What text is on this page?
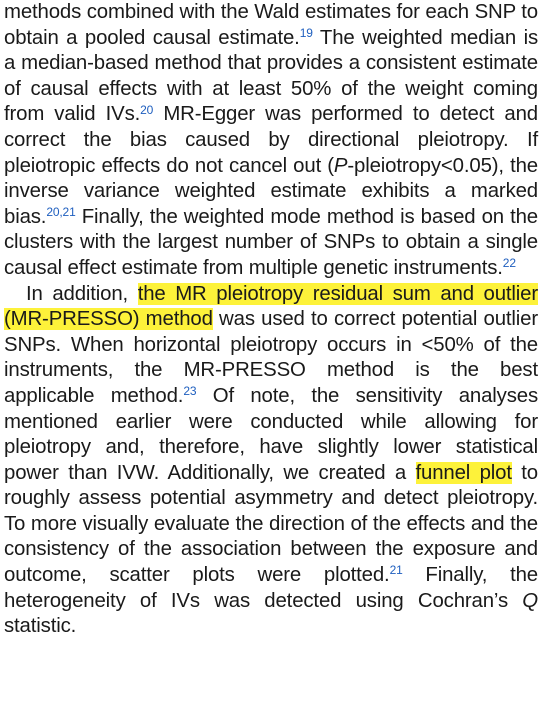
methods combined with the Wald estimates for each SNP to obtain a pooled causal estimate.$^{19}$ The weighted median is a median-based method that provides a consistent estimate of causal effects with at least 50% of the weight coming from valid IVs.$^{20}$ MR-Egger was performed to detect and correct the bias caused by directional pleiotropy. If pleiotropic effects do not cancel out (P-pleiotropy<0.05), the inverse variance weighted estimate exhibits a marked bias.$^{20,21}$ Finally, the weighted mode method is based on the clusters with the largest number of SNPs to obtain a single causal effect estimate from multiple genetic instruments.$^{22}$

In addition, the MR pleiotropy residual sum and outlier (MR-PRESSO) method was used to correct potential outlier SNPs. When horizontal pleiotropy occurs in <50% of the instruments, the MR-PRESSO method is the best applicable method.$^{23}$ Of note, the sensitivity analyses mentioned earlier were conducted while allowing for pleiotropy and, therefore, have slightly lower statistical power than IVW. Additionally, we created a funnel plot to roughly assess potential asymmetry and detect pleiotropy. To more visually evaluate the direction of the effects and the consistency of the association between the exposure and outcome, scatter plots were plotted.$^{21}$ Finally, the heterogeneity of IVs was detected using Cochran’s Q statistic.
